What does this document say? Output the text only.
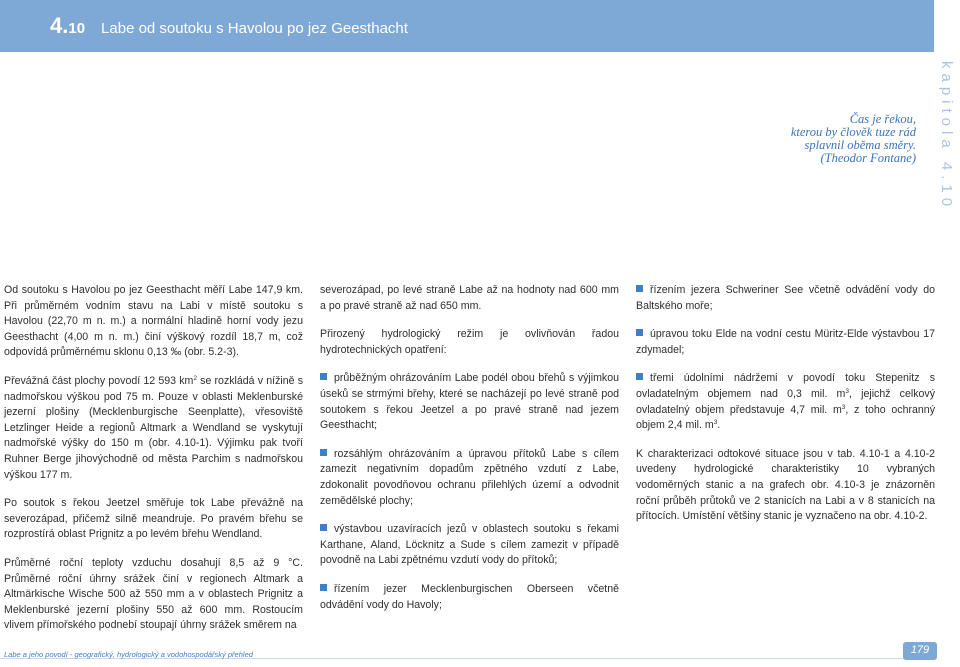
4.10 Labe od soutoku s Havolou po jez Geesthacht
kapitola 4.10
Čas je řekou,
kterou by člověk tuze rád
splavnil oběma směry.
(Theodor Fontane)

Od soutoku s Havolou po jez Geesthacht měří Labe 147,9 km. Při průměrném vodním stavu na Labi v místě soutoku s Havolou (22,70 m n. m.) a normální hladině horní vody jezu Geesthacht (4,00 m n. m.) činí výškový rozdíl 18,7 m, což odpovídá průměrnému sklonu 0,13 ‰ (obr. 5.2-3).

Převážná část plochy povodí 12 593 $km^2$ se rozkládá v nížině s nadmořskou výškou pod 75 m. Pouze v oblasti Meklenburské jezerní plošiny (Mecklenburgische Seenplatte), vřesoviště Letzlinger Heide a regionů Altmark a Wendland se vyskytují nadmořské výšky do 150 m (obr. 4.10-1). Výjimku pak tvoří Ruhner Berge jihovýchodně od města Parchim s nadmořskou výškou 177 m.

Po soutok s řekou Jeetzel směřuje tok Labe převážně na severozápad, přičemž silně meandruje. Po pravém břehu se rozprostírá oblast Prignitz a po levém břehu Wendland.

Průměrné roční teploty vzduchu dosahují 8,5 až 9 °C. Průměrné roční úhrny srážek činí v regionech Altmark a Altmärkische Wische 500 až 550 mm a v oblastech Prignitz a Meklenburské jezerní plošiny 550 až 600 mm. Rostoucím vlivem přímořského podnebí stoupají úhrny srážek směrem na

severozápad, po levé straně Labe až na hodnoty nad 600 mm a po pravé straně až nad 650 mm.

Přirozený hydrologický režim je ovlivňován řadou hydrotechnických opatření:

průběžným ohrázováním Labe podél obou břehů s výjimkou úseků se strmými břehy, které se nacházejí po levé straně pod soutokem s řekou Jeetzel a po pravé straně nad jezem Geesthacht;

rozsáhlým ohrázováním a úpravou přítoků Labe s cílem zamezit negativním dopadům zpětného vzdutí z Labe, zdokonalit povodňovou ochranu přilehlých území a odvodnit zemědělské plochy;

výstavbou uzavíracích jezů v oblastech soutoku s řekami Karthane, Aland, Löcknitz a Sude s cílem zamezit v případě povodně na Labi zpětnému vzdutí vody do přítoků;

řízením jezer Mecklenburgischen Oberseen včetně odvádění vody do Havoly;

řízením jezera Schweriner See včetně odvádění vody do Baltského moře;

úpravou toku Elde na vodní cestu Müritz-Elde výstavbou 17 zdymadel;

třemi údolními nádržemi v povodí toku Stepenitz s ovladatelným objemem nad 0,3 mil. $m^3$, jejichž celkový ovladatelný objem představuje 4,7 mil. $m^3$, z toho ochranný objem 2,4 mil. $m^3$.

K charakterizaci odtokové situace jsou v tab. 4.10-1 a 4.10-2 uvedeny hydrologické charakteristiky 10 vybraných vodoměrných stanic a na grafech obr. 4.10-3 je znázorněn roční průběh průtoků ve 2 stanicích na Labi a v 8 stanicích na přítocích. Umístění většiny stanic je vyznačeno na obr. 4.10-2.

Labe a jeho povodí - geografický, hydrologický a vodohospodářský přehled	179
